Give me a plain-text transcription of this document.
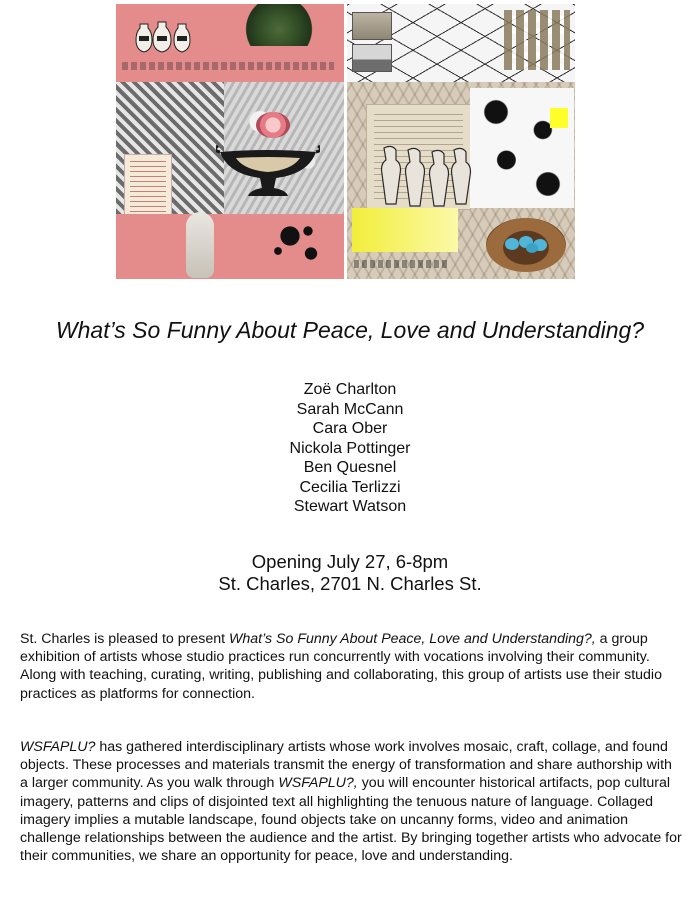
What’s So Funny About Peace, Love and Understanding?
Zoë Charlton
Sarah McCann
Cara Ober
Nickola Pottinger
Ben Quesnel
Cecilia Terlizzi
Stewart Watson
Opening July 27, 6-8pm
St. Charles, 2701 N. Charles St.

St. Charles is pleased to present What’s So Funny About Peace, Love and Understanding?, a group exhibition of artists whose studio practices run concurrently with vocations involving their community. Along with teaching, curating, writing, publishing and collaborating, this group of artists use their studio practices as platforms for connection.

WSFAPLU? has gathered interdisciplinary artists whose work involves mosaic, craft, collage, and found objects. These processes and materials transmit the energy of transformation and share authorship with a larger community. As you walk through WSFAPLU?, you will encounter historical artifacts, pop cultural imagery, patterns and clips of disjointed text all highlighting the tenuous nature of language. Collaged imagery implies a mutable landscape, found objects take on uncanny forms, video and animation challenge relationships between the audience and the artist. By bringing together artists who advocate for their communities, we share an opportunity for peace, love and understanding.
